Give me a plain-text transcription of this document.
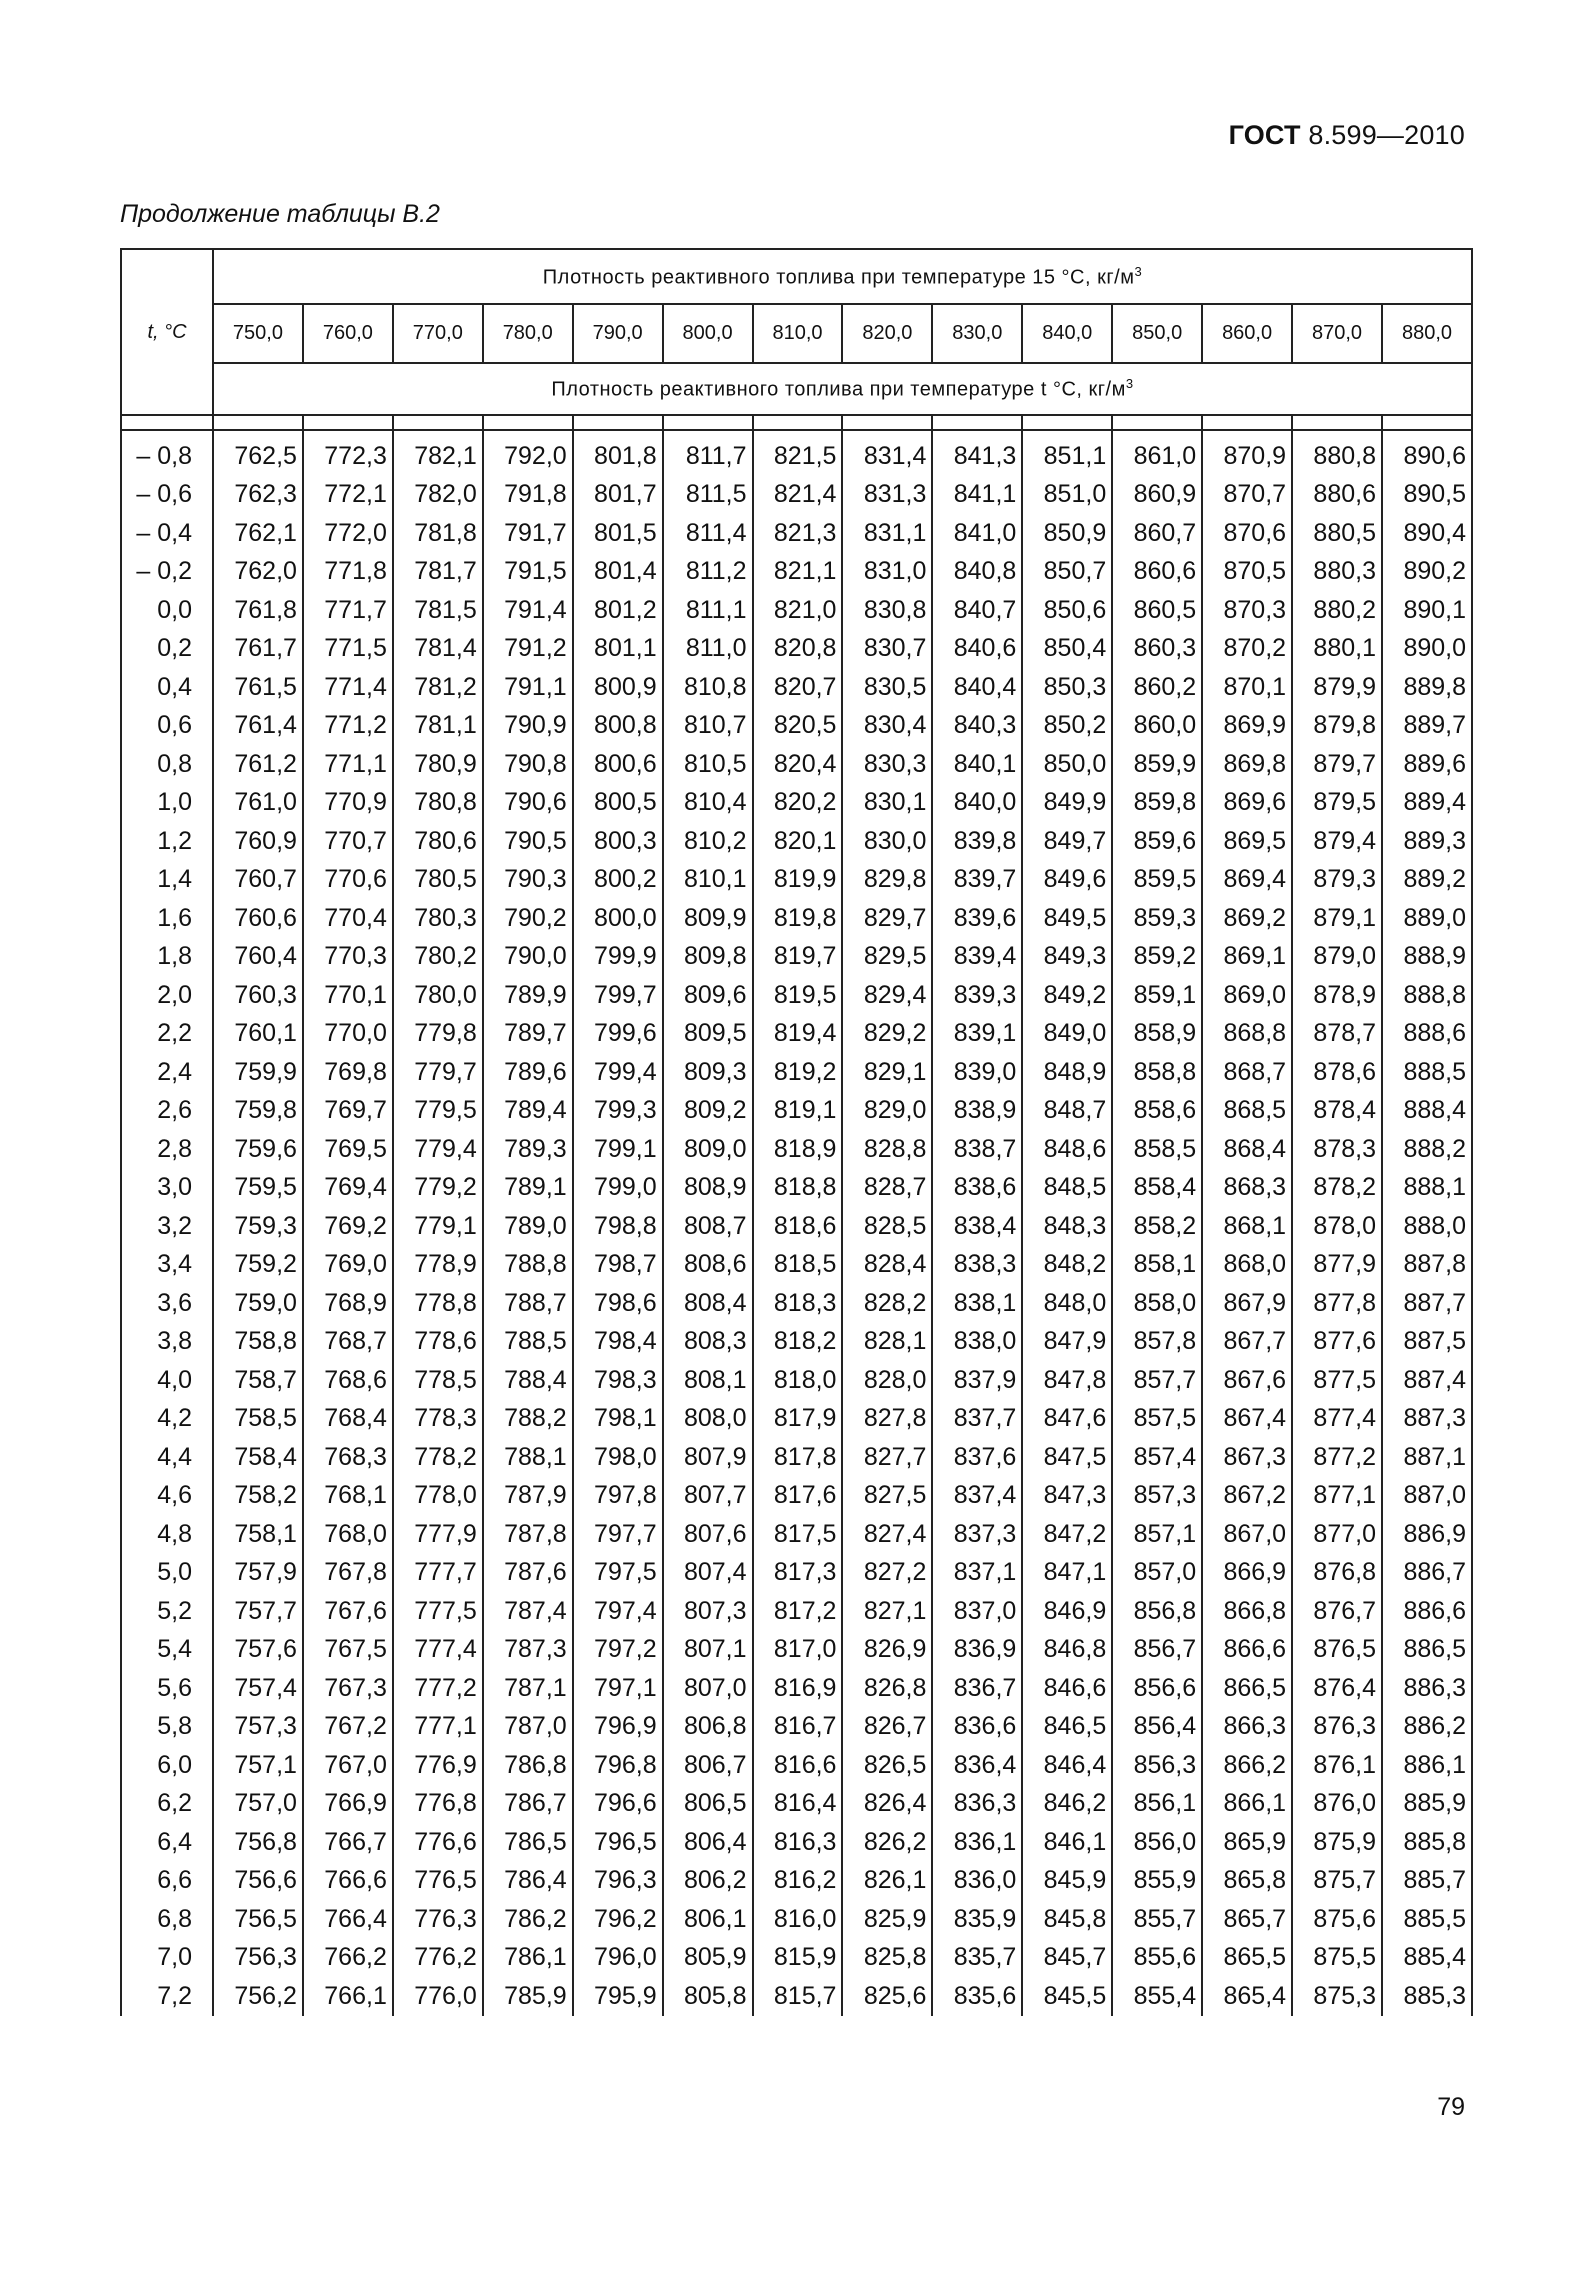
ГОСТ 8.599—2010
Продолжение таблицы В.2
t, °С	Плотность реактивного топлива при температуре 15 °С, $кг/м^3$
	750,0	760,0	770,0	780,0	790,0	800,0	810,0	820,0	830,0	840,0	850,0	860,0	870,0	880,0
	Плотность реактивного топлива при температуре t °С, $кг/м^3$

– 0,8	762,5	772,3	782,1	792,0	801,8	811,7	821,5	831,4	841,3	851,1	861,0	870,9	880,8	890,6
– 0,6	762,3	772,1	782,0	791,8	801,7	811,5	821,4	831,3	841,1	851,0	860,9	870,7	880,6	890,5
– 0,4	762,1	772,0	781,8	791,7	801,5	811,4	821,3	831,1	841,0	850,9	860,7	870,6	880,5	890,4
– 0,2	762,0	771,8	781,7	791,5	801,4	811,2	821,1	831,0	840,8	850,7	860,6	870,5	880,3	890,2
0,0	761,8	771,7	781,5	791,4	801,2	811,1	821,0	830,8	840,7	850,6	860,5	870,3	880,2	890,1
0,2	761,7	771,5	781,4	791,2	801,1	811,0	820,8	830,7	840,6	850,4	860,3	870,2	880,1	890,0
0,4	761,5	771,4	781,2	791,1	800,9	810,8	820,7	830,5	840,4	850,3	860,2	870,1	879,9	889,8
0,6	761,4	771,2	781,1	790,9	800,8	810,7	820,5	830,4	840,3	850,2	860,0	869,9	879,8	889,7
0,8	761,2	771,1	780,9	790,8	800,6	810,5	820,4	830,3	840,1	850,0	859,9	869,8	879,7	889,6
1,0	761,0	770,9	780,8	790,6	800,5	810,4	820,2	830,1	840,0	849,9	859,8	869,6	879,5	889,4
1,2	760,9	770,7	780,6	790,5	800,3	810,2	820,1	830,0	839,8	849,7	859,6	869,5	879,4	889,3
1,4	760,7	770,6	780,5	790,3	800,2	810,1	819,9	829,8	839,7	849,6	859,5	869,4	879,3	889,2
1,6	760,6	770,4	780,3	790,2	800,0	809,9	819,8	829,7	839,6	849,5	859,3	869,2	879,1	889,0
1,8	760,4	770,3	780,2	790,0	799,9	809,8	819,7	829,5	839,4	849,3	859,2	869,1	879,0	888,9
2,0	760,3	770,1	780,0	789,9	799,7	809,6	819,5	829,4	839,3	849,2	859,1	869,0	878,9	888,8
2,2	760,1	770,0	779,8	789,7	799,6	809,5	819,4	829,2	839,1	849,0	858,9	868,8	878,7	888,6
2,4	759,9	769,8	779,7	789,6	799,4	809,3	819,2	829,1	839,0	848,9	858,8	868,7	878,6	888,5
2,6	759,8	769,7	779,5	789,4	799,3	809,2	819,1	829,0	838,9	848,7	858,6	868,5	878,4	888,4
2,8	759,6	769,5	779,4	789,3	799,1	809,0	818,9	828,8	838,7	848,6	858,5	868,4	878,3	888,2
3,0	759,5	769,4	779,2	789,1	799,0	808,9	818,8	828,7	838,6	848,5	858,4	868,3	878,2	888,1
3,2	759,3	769,2	779,1	789,0	798,8	808,7	818,6	828,5	838,4	848,3	858,2	868,1	878,0	888,0
3,4	759,2	769,0	778,9	788,8	798,7	808,6	818,5	828,4	838,3	848,2	858,1	868,0	877,9	887,8
3,6	759,0	768,9	778,8	788,7	798,6	808,4	818,3	828,2	838,1	848,0	858,0	867,9	877,8	887,7
3,8	758,8	768,7	778,6	788,5	798,4	808,3	818,2	828,1	838,0	847,9	857,8	867,7	877,6	887,5
4,0	758,7	768,6	778,5	788,4	798,3	808,1	818,0	828,0	837,9	847,8	857,7	867,6	877,5	887,4
4,2	758,5	768,4	778,3	788,2	798,1	808,0	817,9	827,8	837,7	847,6	857,5	867,4	877,4	887,3
4,4	758,4	768,3	778,2	788,1	798,0	807,9	817,8	827,7	837,6	847,5	857,4	867,3	877,2	887,1
4,6	758,2	768,1	778,0	787,9	797,8	807,7	817,6	827,5	837,4	847,3	857,3	867,2	877,1	887,0
4,8	758,1	768,0	777,9	787,8	797,7	807,6	817,5	827,4	837,3	847,2	857,1	867,0	877,0	886,9
5,0	757,9	767,8	777,7	787,6	797,5	807,4	817,3	827,2	837,1	847,1	857,0	866,9	876,8	886,7
5,2	757,7	767,6	777,5	787,4	797,4	807,3	817,2	827,1	837,0	846,9	856,8	866,8	876,7	886,6
5,4	757,6	767,5	777,4	787,3	797,2	807,1	817,0	826,9	836,9	846,8	856,7	866,6	876,5	886,5
5,6	757,4	767,3	777,2	787,1	797,1	807,0	816,9	826,8	836,7	846,6	856,6	866,5	876,4	886,3
5,8	757,3	767,2	777,1	787,0	796,9	806,8	816,7	826,7	836,6	846,5	856,4	866,3	876,3	886,2
6,0	757,1	767,0	776,9	786,8	796,8	806,7	816,6	826,5	836,4	846,4	856,3	866,2	876,1	886,1
6,2	757,0	766,9	776,8	786,7	796,6	806,5	816,4	826,4	836,3	846,2	856,1	866,1	876,0	885,9
6,4	756,8	766,7	776,6	786,5	796,5	806,4	816,3	826,2	836,1	846,1	856,0	865,9	875,9	885,8
6,6	756,6	766,6	776,5	786,4	796,3	806,2	816,2	826,1	836,0	845,9	855,9	865,8	875,7	885,7
6,8	756,5	766,4	776,3	786,2	796,2	806,1	816,0	825,9	835,9	845,8	855,7	865,7	875,6	885,5
7,0	756,3	766,2	776,2	786,1	796,0	805,9	815,9	825,8	835,7	845,7	855,6	865,5	875,5	885,4
7,2	756,2	766,1	776,0	785,9	795,9	805,8	815,7	825,6	835,6	845,5	855,4	865,4	875,3	885,3
79
